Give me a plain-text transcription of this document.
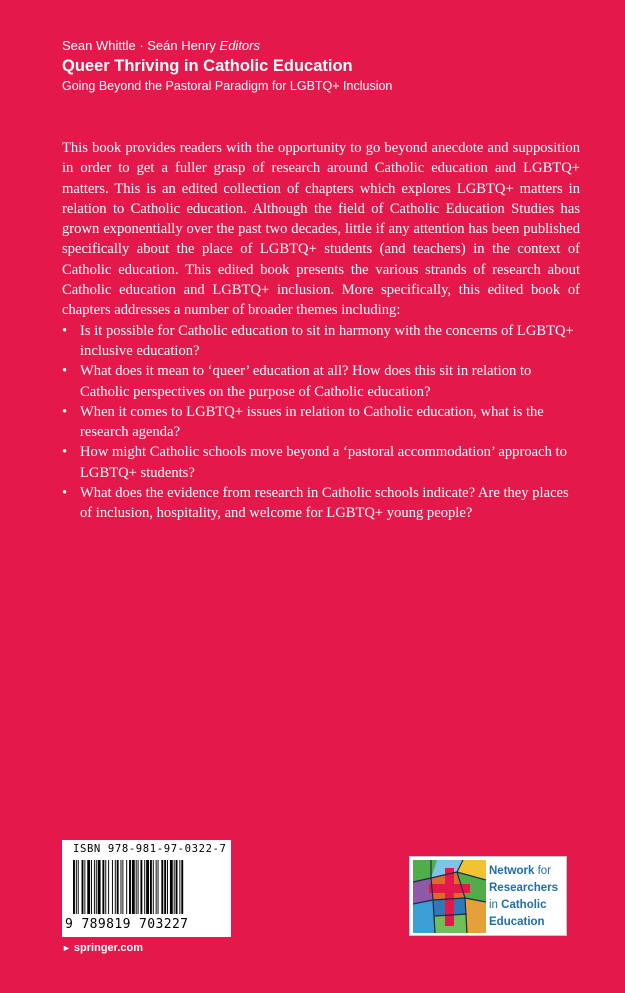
Sean Whittle · Seán Henry Editors
Queer Thriving in Catholic Education
Going Beyond the Pastoral Paradigm for LGBTQ+ Inclusion

This book provides readers with the opportunity to go beyond anecdote and supposition in order to get a fuller grasp of research around Catholic education and LGBTQ+ matters. This is an edited collection of chapters which explores LGBTQ+ matters in relation to Catholic education. Although the field of Catholic Education Studies has grown exponentially over the past two decades, little if any attention has been published specifically about the place of LGBTQ+ students (and teachers) in the context of Catholic education. This edited book presents the various strands of research about Catholic education and LGBTQ+ inclusion. More specifically, this edited book of chapters addresses a number of broader themes including:

• Is it possible for Catholic education to sit in harmony with the concerns of LGBTQ+ inclusive education?
• What does it mean to ‘queer’ education at all? How does this sit in relation to Catholic perspectives on the purpose of Catholic education?
• When it comes to LGBTQ+ issues in relation to Catholic education, what is the research agenda?
• How might Catholic schools move beyond a ‘pastoral accommodation’ approach to LGBTQ+ students?
• What does the evidence from research in Catholic schools indicate? Are they places of inclusion, hospitality, and welcome for LGBTQ+ young people?
ISBN 978-981-97-0322-7
9 789819 703227
► springer.com
Network for
Researchers
in Catholic
Education
